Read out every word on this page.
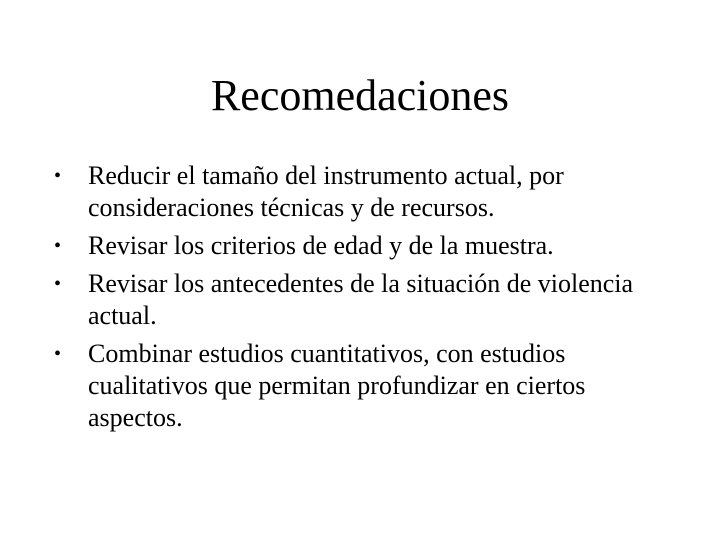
Recomedaciones
•	Reducir el tamaño del instrumento actual, por consideraciones técnicas y de recursos.
•	Revisar los criterios de edad y de la muestra.
•	Revisar los antecedentes de la situación de violencia actual.
•	Combinar estudios cuantitativos, con estudios cualitativos que permitan profundizar en ciertos aspectos.
